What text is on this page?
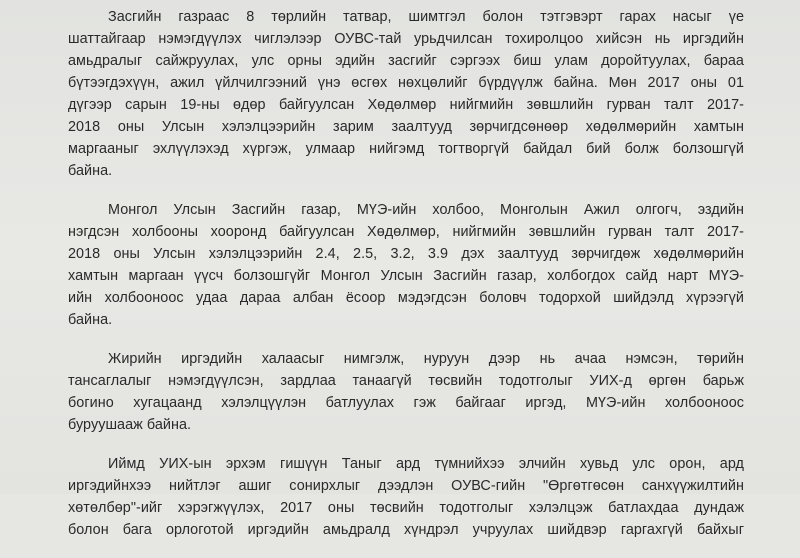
Засгийн газраас 8 төрлийн татвар, шимтгэл болон тэтгэвэрт гарах насыг үе
шаттайгаар нэмэгдүүлэх чиглэлээр ОУВС-тай урьдчилсан тохиролцоо хийсэн нь иргэдийн
амьдралыг сайжруулах, улс орны эдийн засгийг сэргээх биш улам доройтуулах, бараа
бүтээгдэхүүн, ажил үйлчилгээний үнэ өсгөх нөхцөлийг бүрдүүлж байна. Мөн 2017 оны 01
дүгээр сарын 19-ны өдөр байгуулсан Хөдөлмөр нийгмийн зөвшлийн гурван талт 2017-
2018 оны Улсын хэлэлцээрийн зарим заалтууд зөрчигдсөнөөр хөдөлмөрийн хамтын
маргааныг эхлүүлэхэд хүргэж, улмаар нийгэмд тогтворгүй байдал бий болж болзошгүй
байна.

Монгол Улсын Засгийн газар, МҮЭ-ийн холбоо, Монголын Ажил олгогч, эздийн
нэгдсэн холбооны хооронд байгуулсан Хөдөлмөр, нийгмийн зөвшлийн гурван талт 2017-
2018 оны Улсын хэлэлцээрийн 2.4, 2.5, 3.2, 3.9 дэх заалтууд зөрчигдөж хөдөлмөрийн
хамтын маргаан үүсч болзошгүйг Монгол Улсын Засгийн газар, холбогдох сайд нарт МҮЭ-
ийн холбооноос удаа дараа албан ёсоор мэдэгдсэн боловч тодорхой шийдэлд хүрээгүй
байна.

Жирийн иргэдийн халаасыг нимгэлж, нуруун дээр нь ачаа нэмсэн, төрийн
тансаглалыг нэмэгдүүлсэн, зардлаа танаагүй төсвийн тодотголыг УИХ-д өргөн барьж
богино хугацаанд хэлэлцүүлэн батлуулах гэж байгааг иргэд, МҮЭ-ийн холбооноос
буруушааж байна.

Иймд УИХ-ын эрхэм гишүүн Таныг ард түмнийхээ элчийн хувьд улс орон, ард
иргэдийнхээ нийтлэг ашиг сонирхлыг дээдлэн ОУВС-гийн "Өргөтгөсөн санхүүжилтийн
хөтөлбөр"-ийг хэрэгжүүлэх, 2017 оны төсвийн тодотголыг хэлэлцэж батлахдаа дундаж
болон бага орлоготой иргэдийн амьдралд хүндрэл учруулах шийдвэр гаргахгүй байхыг
